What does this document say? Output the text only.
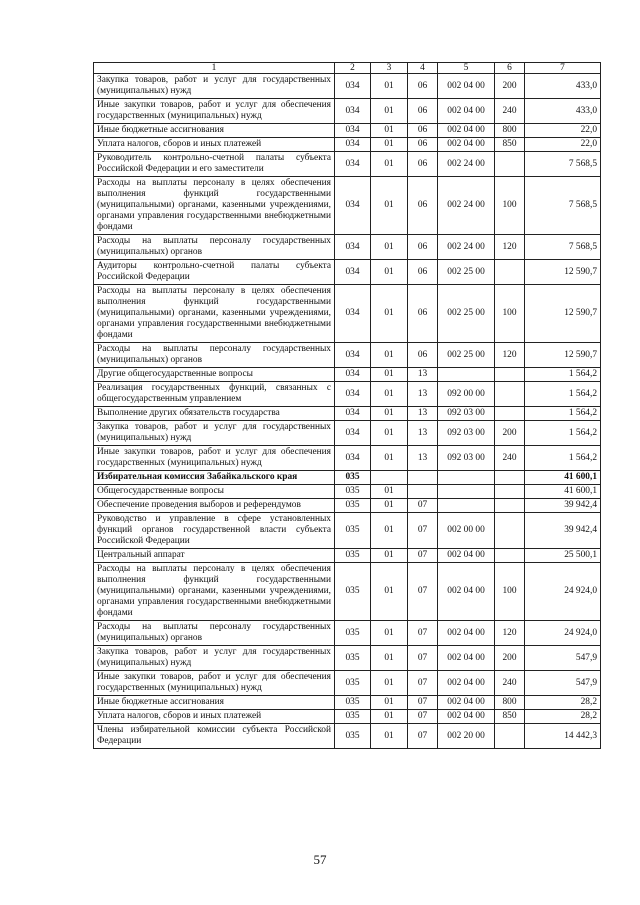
1	2	3	4	5	6	7
Закупка товаров, работ и услуг для государственных (муниципальных) нужд	034	01	06	002 04 00	200	433,0
Иные закупки товаров, работ и услуг для обеспечения государственных (муниципальных) нужд	034	01	06	002 04 00	240	433,0
Иные бюджетные ассигнования	034	01	06	002 04 00	800	22,0
Уплата налогов, сборов и иных платежей	034	01	06	002 04 00	850	22,0
Руководитель контрольно-счетной палаты субъекта Российской Федерации и его заместители	034	01	06	002 24 00		7 568,5
Расходы на выплаты персоналу в целях обеспечения выполнения функций государственными (муниципальными) органами, казенными учреждениями, органами управления государственными внебюджетными фондами	034	01	06	002 24 00	100	7 568,5
Расходы на выплаты персоналу государственных (муниципальных) органов	034	01	06	002 24 00	120	7 568,5
Аудиторы контрольно-счетной палаты субъекта Российской Федерации	034	01	06	002 25 00		12 590,7
Расходы на выплаты персоналу в целях обеспечения выполнения функций государственными (муниципальными) органами, казенными учреждениями, органами управления государственными внебюджетными фондами	034	01	06	002 25 00	100	12 590,7
Расходы на выплаты персоналу государственных (муниципальных) органов	034	01	06	002 25 00	120	12 590,7
Другие общегосударственные вопросы	034	01	13			1 564,2
Реализация государственных функций, связанных с общегосударственным управлением	034	01	13	092 00 00		1 564,2
Выполнение других обязательств государства	034	01	13	092 03 00		1 564,2
Закупка товаров, работ и услуг для государственных (муниципальных) нужд	034	01	13	092 03 00	200	1 564,2
Иные закупки товаров, работ и услуг для обеспечения государственных (муниципальных) нужд	034	01	13	092 03 00	240	1 564,2
Избирательная комиссия Забайкальского края	035					41 600,1
Общегосударственные вопросы	035	01				41 600,1
Обеспечение проведения выборов и референдумов	035	01	07			39 942,4
Руководство и управление в сфере установленных функций органов государственной власти субъекта Российской Федерации	035	01	07	002 00 00		39 942,4
Центральный аппарат	035	01	07	002 04 00		25 500,1
Расходы на выплаты персоналу в целях обеспечения выполнения функций государственными (муниципальными) органами, казенными учреждениями, органами управления государственными внебюджетными фондами	035	01	07	002 04 00	100	24 924,0
Расходы на выплаты персоналу государственных (муниципальных) органов	035	01	07	002 04 00	120	24 924,0
Закупка товаров, работ и услуг для государственных (муниципальных) нужд	035	01	07	002 04 00	200	547,9
Иные закупки товаров, работ и услуг для обеспечения государственных (муниципальных) нужд	035	01	07	002 04 00	240	547,9
Иные бюджетные ассигнования	035	01	07	002 04 00	800	28,2
Уплата налогов, сборов и иных платежей	035	01	07	002 04 00	850	28,2
Члены избирательной комиссии субъекта Российской Федерации	035	01	07	002 20 00		14 442,3
57
